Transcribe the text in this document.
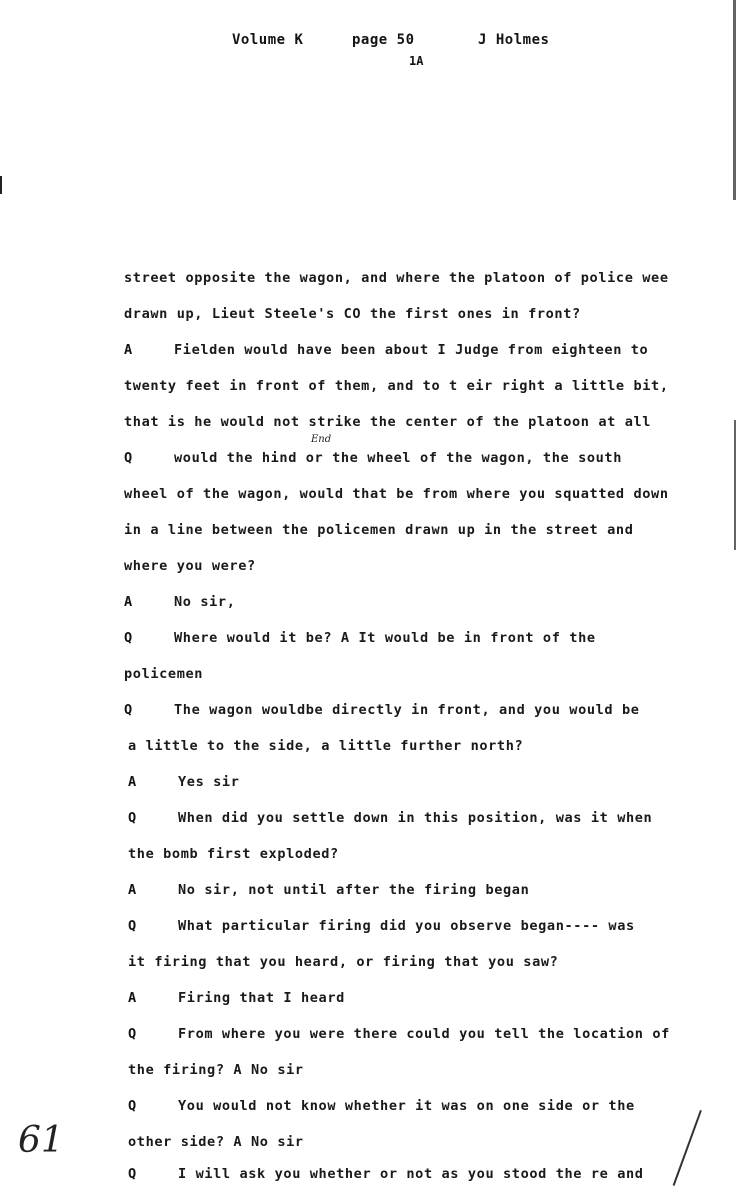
Volume K	page 50	J Holmes
1A
End
street opposite the wagon, and where the platoon of police wee
drawn up, Lieut Steele's CO the first ones in front?
A	Fielden would have been about I Judge from eighteen to
twenty feet in front of them, and to t eir right a little bit,
that is he would not strike the center of the platoon at all
Q	would the hind or the wheel of the wagon, the south
wheel of the wagon, would that be from where you squatted down
in a line between the policemen drawn up in the street and
where you were?
A	No sir,
Q	Where would it be? A It would be in front of the
policemen
Q	The wagon wouldbe directly in front, and you would be
a little to the side, a little further north?
A	Yes sir
Q	When did you settle down in this position, was it when
the bomb first exploded?
A	No sir, not until after the firing began
Q	What particular firing did you observe began---- was
it firing that you heard, or firing that you saw?
A	Firing that I heard
Q	From where you were there could you tell the location of
the firing? A No sir
Q	You would not know whether it was on one side or the
other side? A No sir
Q	I will ask you whether or not as you stood the re and
61
